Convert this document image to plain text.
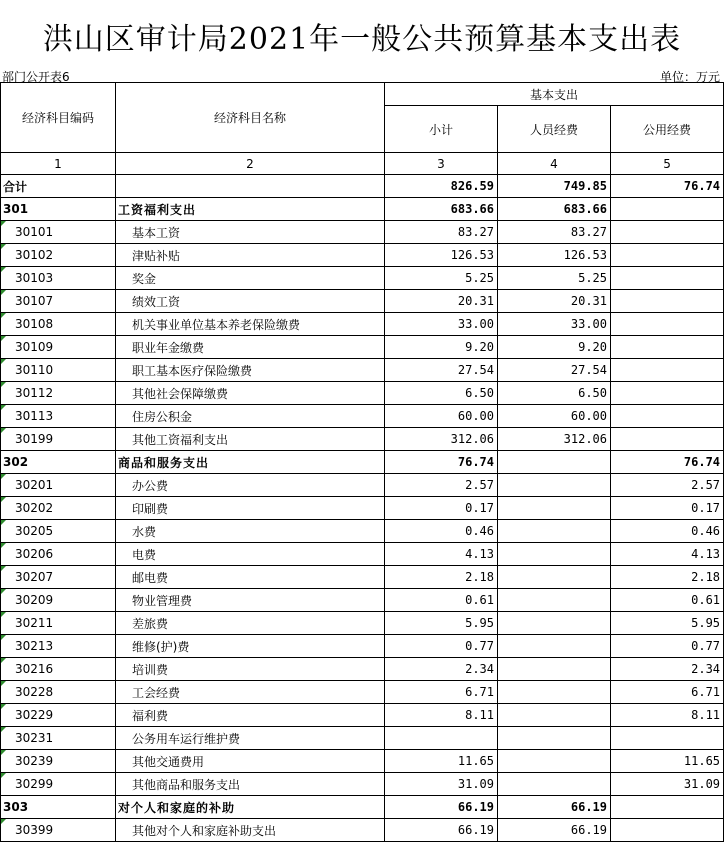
洪山区审计局2021年一般公共预算基本支出表
部门公开表6	单位：万元
经济科目编码	经济科目名称	基本支出		
		小计	人员经费	公用经费
1	2	3	4	5
合计		826.59	749.85	76.74
301	工资福利支出	683.66	683.66	

30101	基本工资	83.27	83.27	

30102	津贴补贴	126.53	126.53	

30103	奖金	5.25	5.25	

30107	绩效工资	20.31	20.31	

30108	机关事业单位基本养老保险缴费	33.00	33.00	

30109	职业年金缴费	9.20	9.20	

30110	职工基本医疗保险缴费	27.54	27.54	

30112	其他社会保障缴费	6.50	6.50	

30113	住房公积金	60.00	60.00	

30199	其他工资福利支出	312.06	312.06	
302	商品和服务支出	76.74		76.74

30201	办公费	2.57		2.57

30202	印刷费	0.17		0.17

30205	水费	0.46		0.46

30206	电费	4.13		4.13

30207	邮电费	2.18		2.18

30209	物业管理费	0.61		0.61

30211	差旅费	5.95		5.95

30213	维修(护)费	0.77		0.77

30216	培训费	2.34		2.34

30228	工会经费	6.71		6.71

30229	福利费	8.11		8.11

30231	公务用车运行维护费			

30239	其他交通费用	11.65		11.65

30299	其他商品和服务支出	31.09		31.09
303	对个人和家庭的补助	66.19	66.19	

30399	其他对个人和家庭补助支出	66.19	66.19	
